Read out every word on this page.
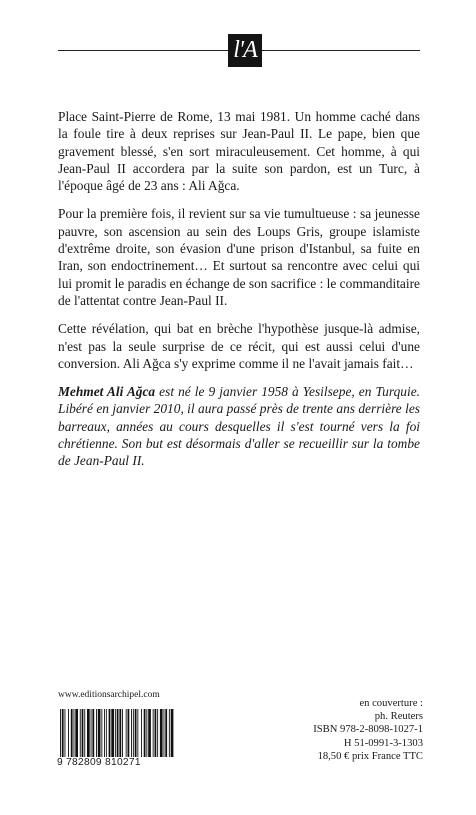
l'A

Place Saint-Pierre de Rome, 13 mai 1981. Un homme caché dans la foule tire à deux reprises sur Jean-Paul II. Le pape, bien que gravement blessé, s'en sort miraculeusement. Cet homme, à qui Jean-Paul II accordera par la suite son pardon, est un Turc, à l'époque âgé de 23 ans : Ali Ağca.

Pour la première fois, il revient sur sa vie tumultueuse : sa jeunesse pauvre, son ascension au sein des Loups Gris, groupe islamiste d'extrême droite, son évasion d'une prison d'Istanbul, sa fuite en Iran, son endoctrinement… Et surtout sa rencontre avec celui qui lui promit le paradis en échange de son sacrifice : le commanditaire de l'attentat contre Jean-Paul II.

Cette révélation, qui bat en brèche l'hypothèse jusque-là admise, n'est pas la seule surprise de ce récit, qui est aussi celui d'une conversion. Ali Ağca s'y exprime comme il ne l'avait jamais fait…

Mehmet Ali Ağca est né le 9 janvier 1958 à Yesilsepe, en Turquie. Libéré en janvier 2010, il aura passé près de trente ans derrière les barreaux, années au cours desquelles il s'est tourné vers la foi chrétienne. Son but est désormais d'aller se recueillir sur la tombe de Jean-Paul II.

www.editionsarchipel.com
9 782809 810271
en couverture :
ph. Reuters
ISBN 978-2-8098-1027-1
H 51-0991-3-1303
18,50 € prix France TTC
